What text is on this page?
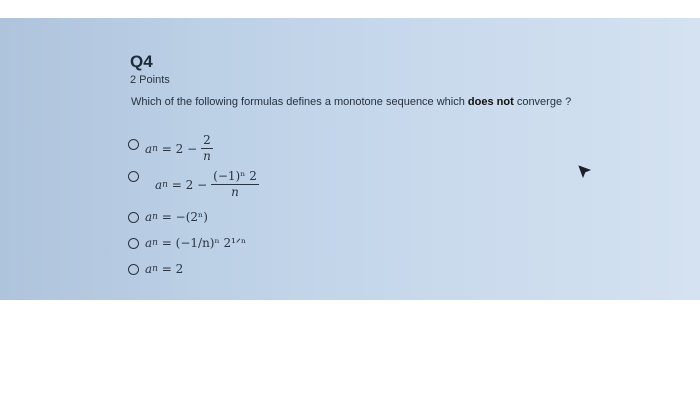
Q4
2 Points
Which of the following formulas defines a monotone sequence which does not converge ?
a n
= $2 - \frac{2}{n}$
a n
= $2 - \frac{\text{(−1)ⁿ 2}}{n}$
a n
= −(2ⁿ)
a n
= (−1/n)ⁿ 2¹ᐟⁿ
a n
= 2
